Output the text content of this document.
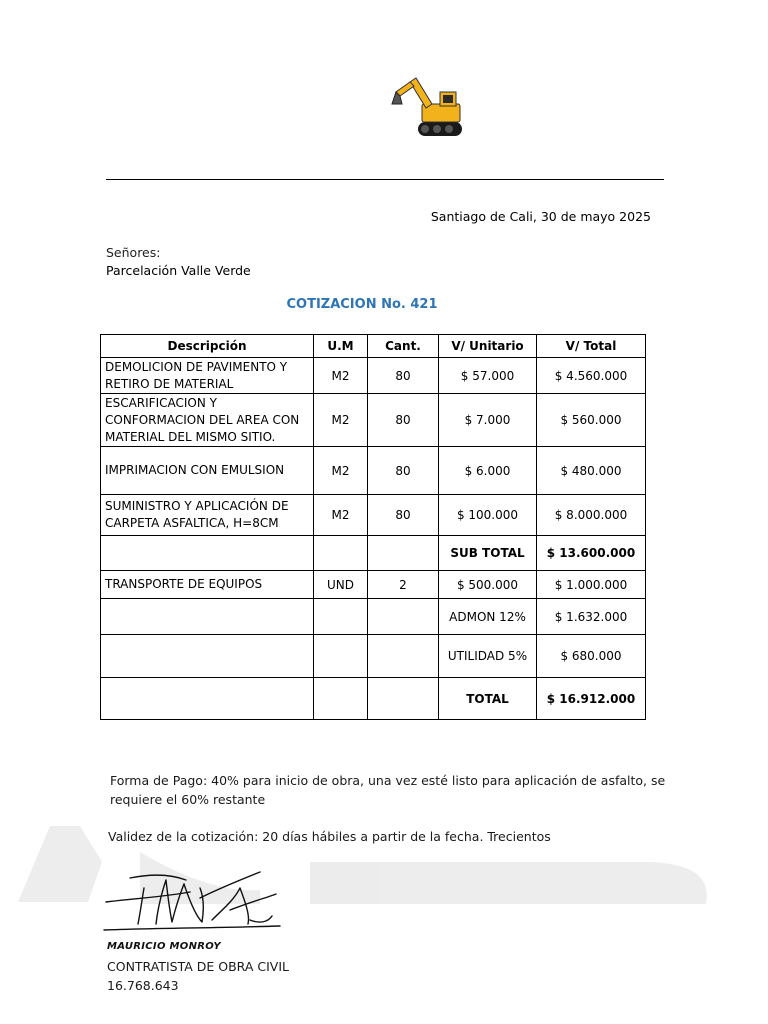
Santiago de Cali, 30 de mayo 2025
Señores:
Parcelación Valle Verde
COTIZACION No. 421
Descripción	U.M	Cant.	V/ Unitario	V/ Total
DEMOLICION DE PAVIMENTO Y RETIRO DE MATERIAL	M2	80	$ 57.000	$ 4.560.000
ESCARIFICACION Y CONFORMACION DEL AREA CON MATERIAL DEL MISMO SITIO.	M2	80	$ 7.000	$ 560.000
IMPRIMACION CON EMULSION	M2	80	$ 6.000	$ 480.000
SUMINISTRO Y APLICACIÓN DE CARPETA ASFALTICA, H=8CM	M2	80	$ 100.000	$ 8.000.000
			SUB TOTAL	$ 13.600.000
TRANSPORTE DE EQUIPOS	UND	2	$ 500.000	$ 1.000.000
			ADMON 12%	$ 1.632.000
			UTILIDAD 5%	$ 680.000
			TOTAL	$ 16.912.000
Forma de Pago: 40% para inicio de obra, una vez esté listo para aplicación de asfalto, se requiere el 60% restante
Validez de la cotización: 20 días hábiles a partir de la fecha. Trecientos
MAURICIO MONROY
CONTRATISTA DE OBRA CIVIL
16.768.643
